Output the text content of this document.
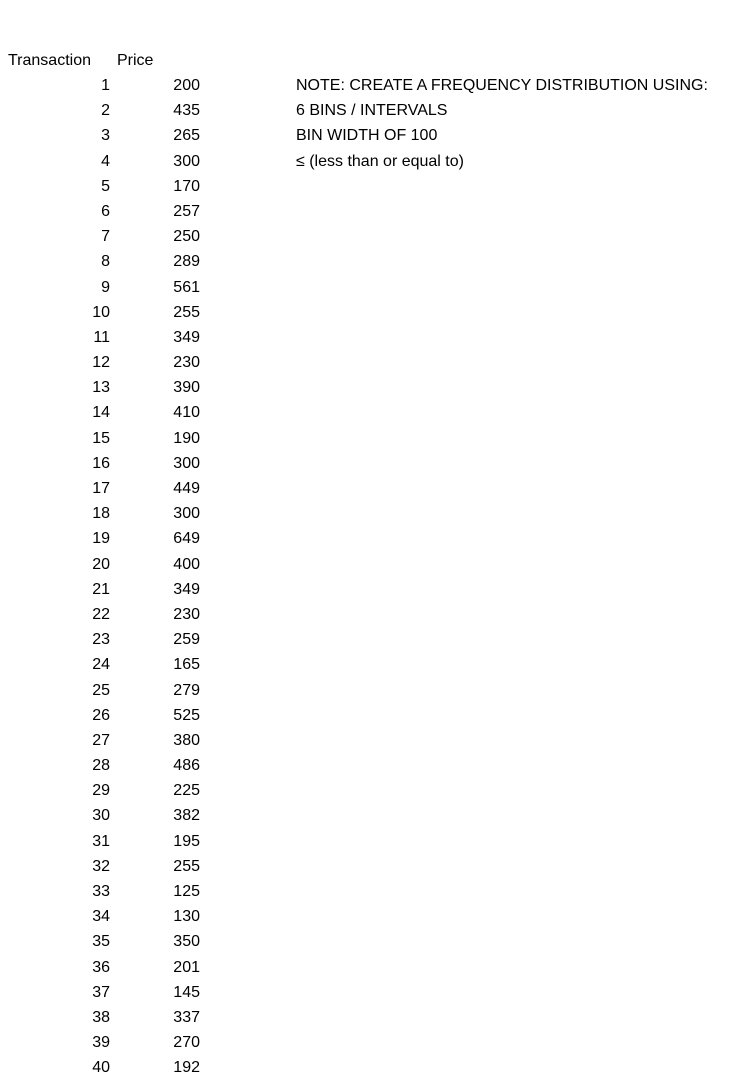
Transaction Price
1	200
2	435
3	265
4	300
5	170
6	257
7	250
8	289
9	561
10	255
11	349
12	230
13	390
14	410
15	190
16	300
17	449
18	300
19	649
20	400
21	349
22	230
23	259
24	165
25	279
26	525
27	380
28	486
29	225
30	382
31	195
32	255
33	125
34	130
35	350
36	201
37	145
38	337
39	270
40	192
NOTE: CREATE A FREQUENCY DISTRIBUTION USING:
6 BINS / INTERVALS
BIN WIDTH OF 100
≤ (less than or equal to)
